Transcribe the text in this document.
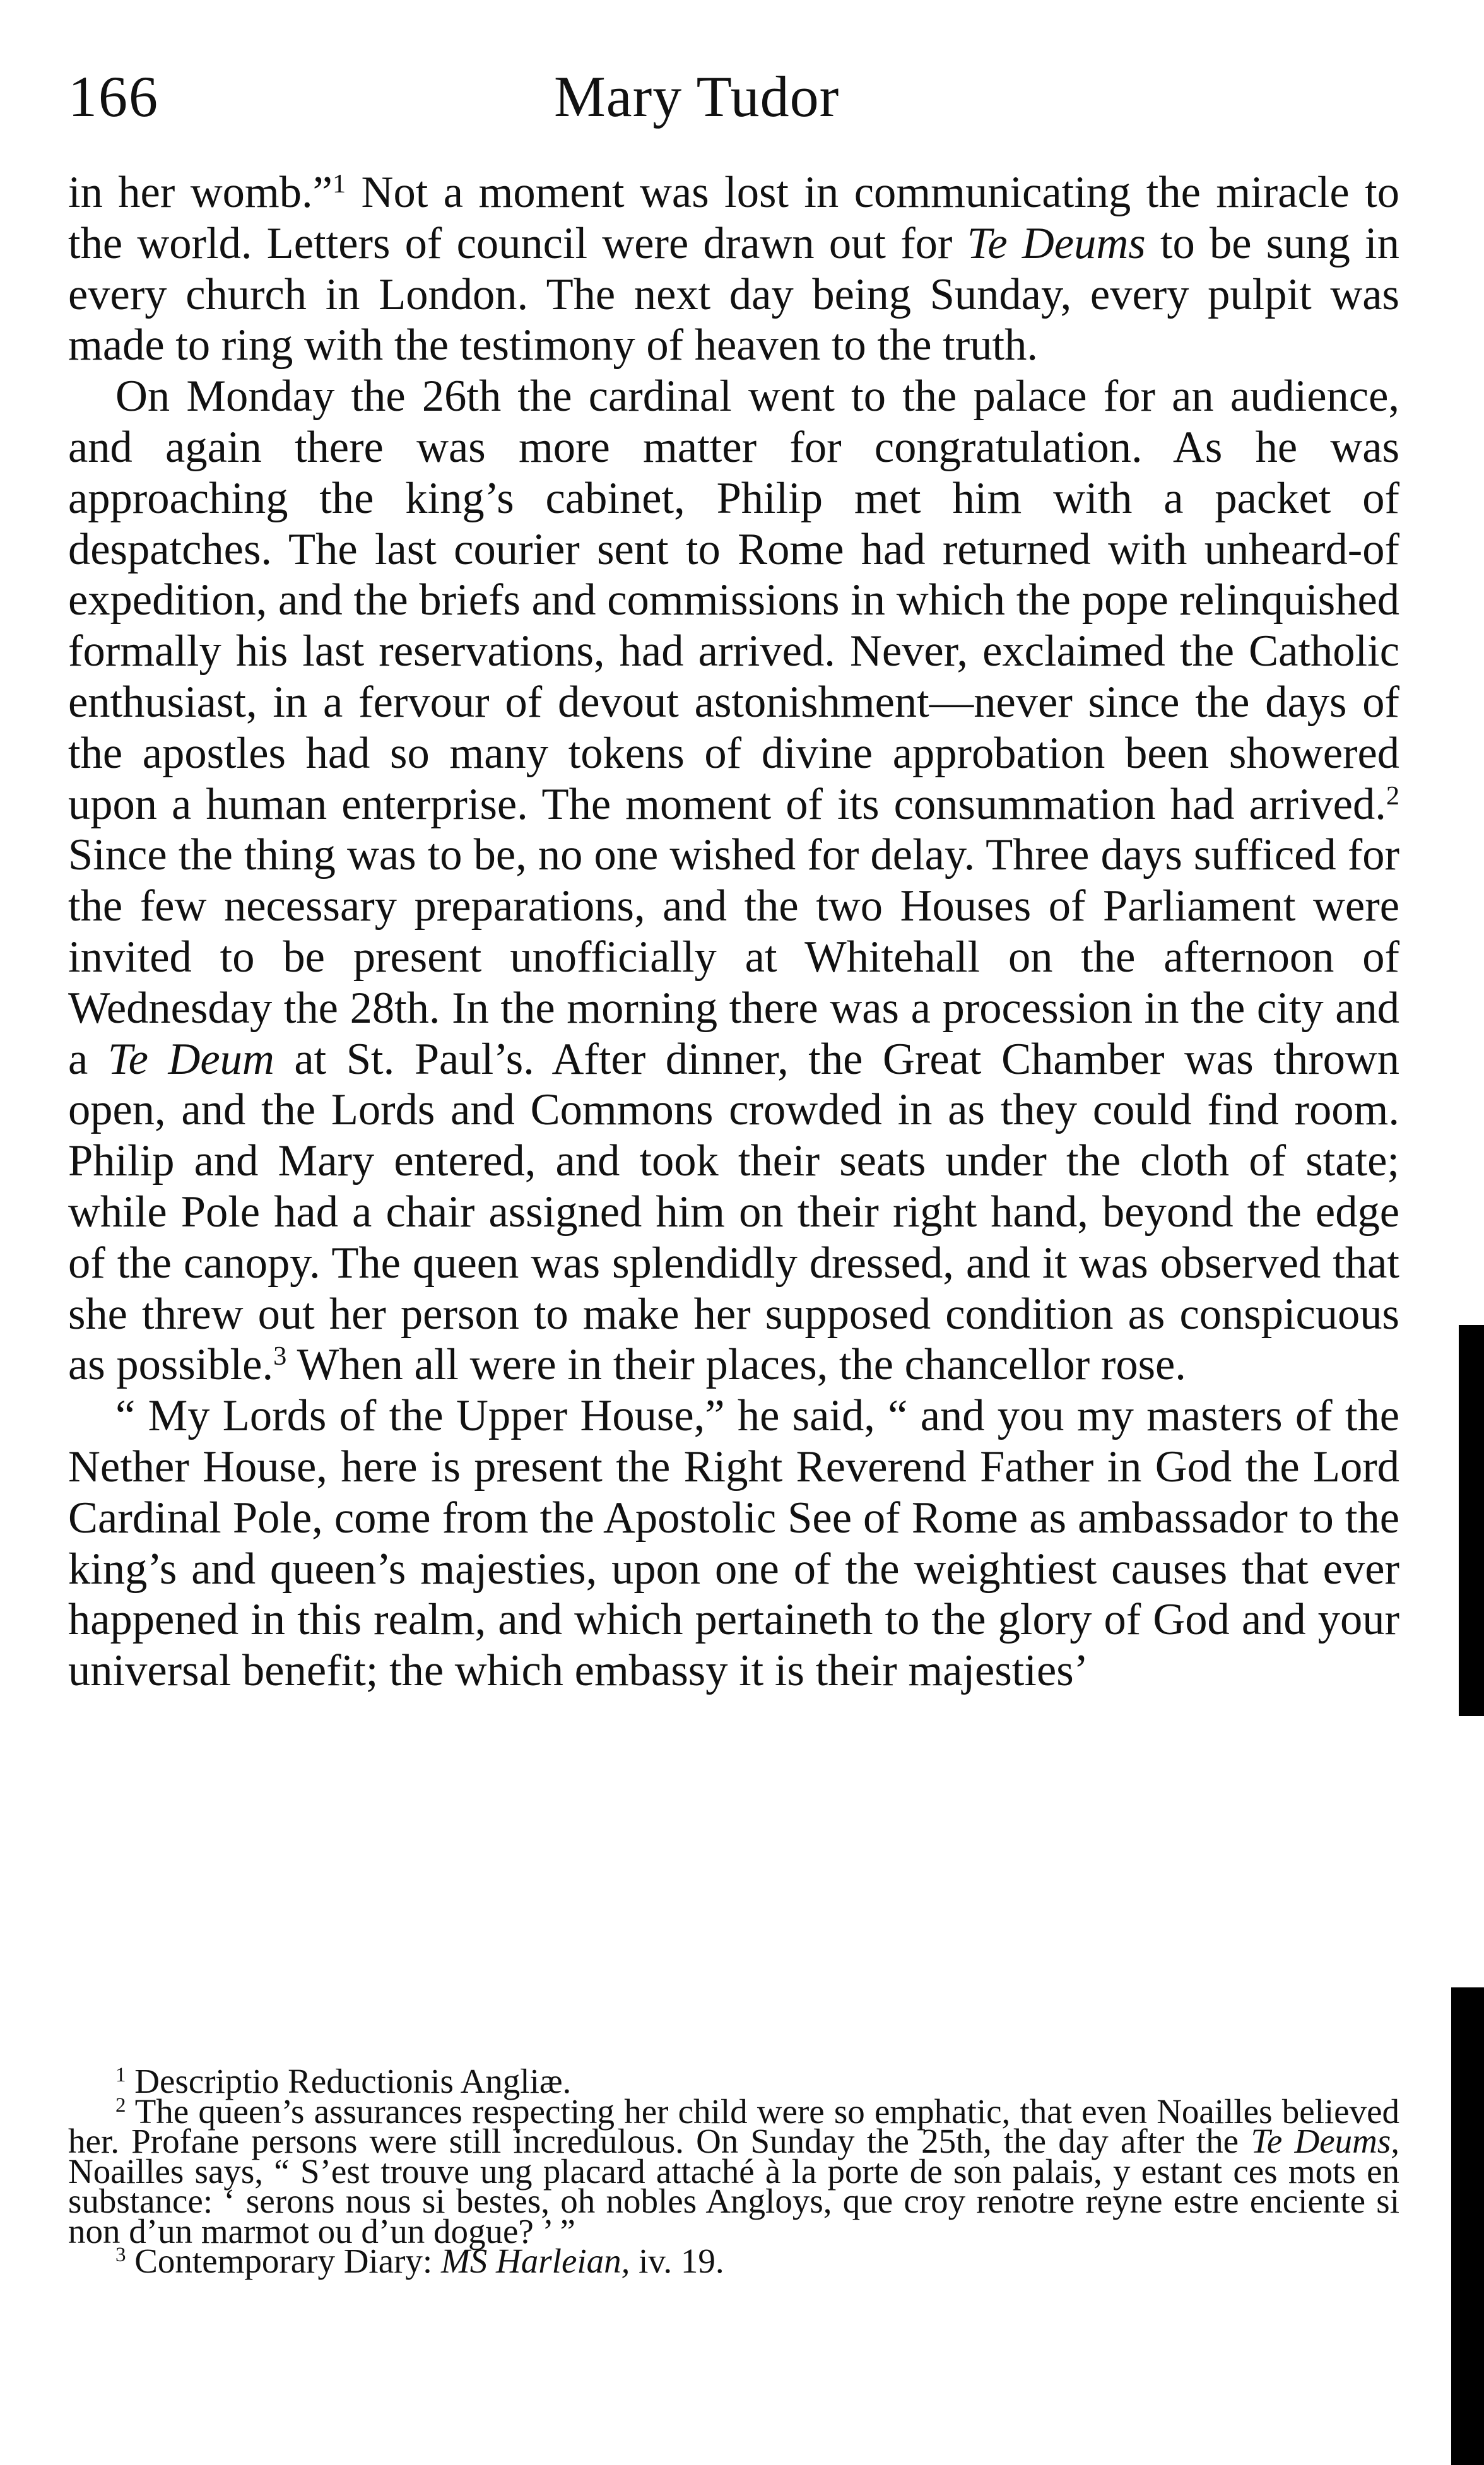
166	Mary Tudor

in her womb.”$^1$ Not a moment was lost in communicating the miracle to the world. Letters of council were drawn out for Te Deums to be sung in every church in London. The next day being Sunday, every pulpit was made to ring with the testimony of heaven to the truth.

On Monday the 26th the cardinal went to the palace for an audience, and again there was more matter for congratulation. As he was approaching the king’s cabinet, Philip met him with a packet of despatches. The last courier sent to Rome had returned with unheard-of expedition, and the briefs and commissions in which the pope relinquished formally his last reservations, had arrived. Never, exclaimed the Catholic enthusiast, in a fervour of devout astonishment—never since the days of the apostles had so many tokens of divine approbation been showered upon a human enterprise. The moment of its consummation had arrived.$^2$ Since the thing was to be, no one wished for delay. Three days sufficed for the few necessary preparations, and the two Houses of Parliament were invited to be present unofficially at Whitehall on the afternoon of Wednesday the 28th. In the morning there was a procession in the city and a Te Deum at St. Paul’s. After dinner, the Great Chamber was thrown open, and the Lords and Commons crowded in as they could find room. Philip and Mary entered, and took their seats under the cloth of state; while Pole had a chair assigned him on their right hand, beyond the edge of the canopy. The queen was splendidly dressed, and it was observed that she threw out her person to make her supposed condition as conspicuous as possible.$^3$ When all were in their places, the chancellor rose.

“ My Lords of the Upper House,” he said, “ and you my masters of the Nether House, here is present the Right Reverend Father in God the Lord Cardinal Pole, come from the Apostolic See of Rome as ambassador to the king’s and queen’s majesties, upon one of the weightiest causes that ever happened in this realm, and which pertaineth to the glory of God and your universal benefit; the which embassy it is their majesties’

$^1$ Descriptio Reductionis Angliæ.

$^2$ The queen’s assurances respecting her child were so emphatic, that even Noailles believed her. Profane persons were still incredulous. On Sunday the 25th, the day after the Te Deums, Noailles says, “ S’est trouve ung placard attaché à la porte de son palais, y estant ces mots en substance: ‘ serons nous si bestes, oh nobles Angloys, que croy renotre reyne estre enciente si non d’un marmot ou d’un dogue? ’ ”

$^3$ Contemporary Diary: MS Harleian, iv. 19.
